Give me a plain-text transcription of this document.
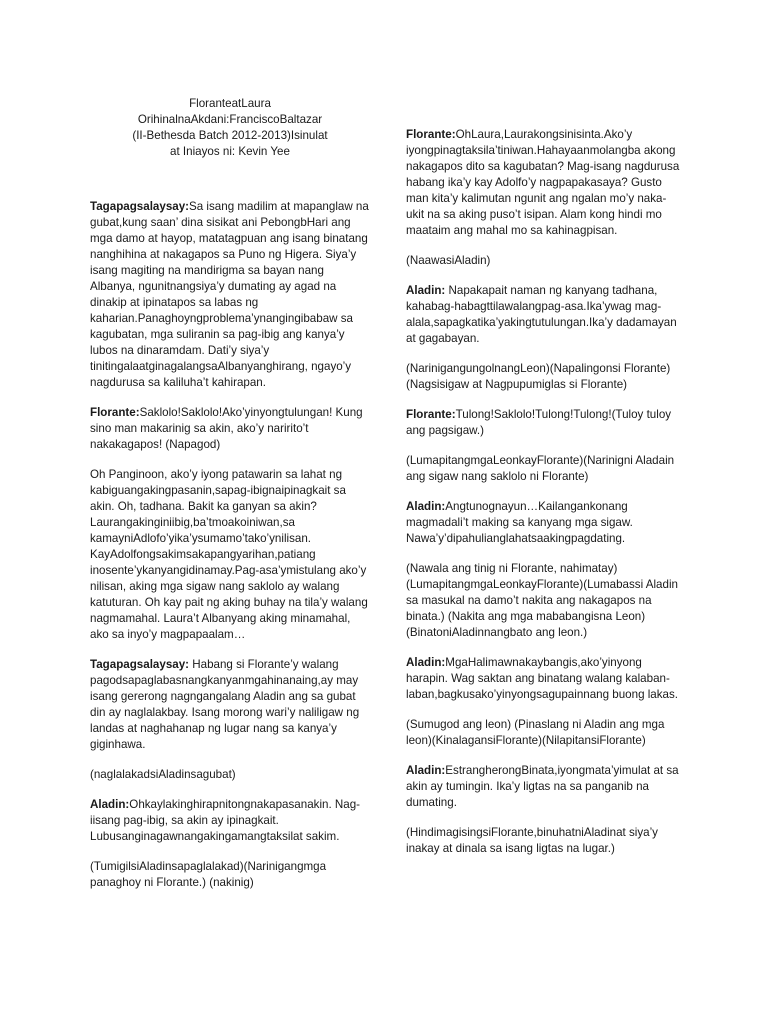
FloranteatLaura

OrihinalnaAkdani:FranciscoBaltazar

(II-Bethesda Batch 2012-2013)Isinulat

at Iniayos ni: Kevin Yee

Tagapagsalaysay:Sa isang madilim at mapanglaw na gubat,kung saan’ dina sisikat ani PebongbHari ang mga damo at hayop, matatagpuan ang isang binatang nanghihina at nakagapos sa Puno ng Higera. Siya’y isang magiting na mandirigma sa bayan nang Albanya, ngunitnangsiya’y dumating ay agad na dinakip at ipinatapos sa labas ng kaharian.Panaghoyngproblema’ynangingibabaw sa kagubatan, mga suliranin sa pag-ibig ang kanya’y lubos na dinaramdam. Dati’y siya’y tinitingalaatginagalangsaAlbanyanghirang, ngayo’y nagdurusa sa kaliluha’t kahirapan.

Florante:Saklolo!Saklolo!Ako’yinyongtulungan! Kung sino man makarinig sa akin, ako’y naririto’t nakakagapos! (Napagod)

Oh Panginoon, ako’y iyong patawarin sa lahat ng kabiguangakingpasanin,sapag-ibignaipinagkait sa akin. Oh, tadhana. Bakit ka ganyan sa akin? Laurangakinginiibig,ba’tmoakoiniwan,sa kamayniAdlofo’yika’ysumamo’tako’ynilisan. KayAdolfongsakimsakapangyarihan,patiang inosente’ykanyangidinamay.Pag-asa’ymistulang ako’y nilisan, aking mga sigaw nang saklolo ay walang katuturan. Oh kay pait ng aking buhay na tila’y walang nagmamahal. Laura’t Albanyang aking minamahal, ako sa inyo’y magpapaalam…

Tagapagsalaysay: Habang si Florante’y walang pagodsapaglabasnangkanyanmgahinanaing,ay may isang gererong nagngangalang Aladin ang sa gubat din ay naglalakbay. Isang morong wari’y naliligaw ng landas at naghahanap ng lugar nang sa kanya’y giginhawa.

(naglalakadsiAladinsagubat)

Aladin:Ohkaylakinghirapnitongnakapasanakin. Nag-iisang pag-ibig, sa akin ay ipinagkait. Lubusanginagawnangakingamangtaksilat sakim.

(TumigilsiAladinsapaglalakad)(Narinigangmga panaghoy ni Florante.) (nakinig)

Florante:OhLaura,Laurakongsinisinta.Ako’y iyongpinagtaksila’tiniwan.Hahayaanmolangba akong nakagapos dito sa kagubatan? Mag-isang nagdurusa habang ika’y kay Adolfo’y nagpapakasaya? Gusto man kita’y kalimutan ngunit ang ngalan mo’y naka-ukit na sa aking puso’t isipan. Alam kong hindi mo maataim ang mahal mo sa kahinagpisan.

(NaawasiAladin)

Aladin: Napakapait naman ng kanyang tadhana, kahabag-habagttilawalangpag-asa.Ika’ywag mag-alala,sapagkatika’yakingtutulungan.Ika’y dadamayan at gagabayan.

(NarinigangungolnangLeon)(Napalingonsi Florante) (Nagsisigaw at Nagpupumiglas si Florante)

Florante:Tulong!Saklolo!Tulong!Tulong!(Tuloy tuloy ang pagsigaw.)

(LumapitangmgaLeonkayFlorante)(Narinigni Aladain ang sigaw nang saklolo ni Florante)

Aladin:Angtunognayun…Kailangankonang magmadali’t making sa kanyang mga sigaw. Nawa’y’dipahulianglahatsaakingpagdating.

(Nawala ang tinig ni Florante, nahimatay)(LumapitangmgaLeonkayFlorante)(Lumabassi Aladin sa masukal na damo’t nakita ang nakagapos na binata.) (Nakita ang mga mababangisna Leon)(BinatoniAladinnangbato ang leon.)

Aladin:MgaHalimawnakaybangis,ako’yinyong harapin. Wag saktan ang binatang walang kalaban-laban,bagkusako’yinyongsagupainnang buong lakas.

(Sumugod ang leon) (Pinaslang ni Aladin ang mga leon)(KinalagansiFlorante)(NilapitansiFlorante)

Aladin:EstrangherongBinata,iyongmata’yimulat at sa akin ay tumingin. Ika’y ligtas na sa panganib na dumating.

(HindimagisingsiFlorante,binuhatniAladinat siya’y inakay at dinala sa isang ligtas na lugar.)
